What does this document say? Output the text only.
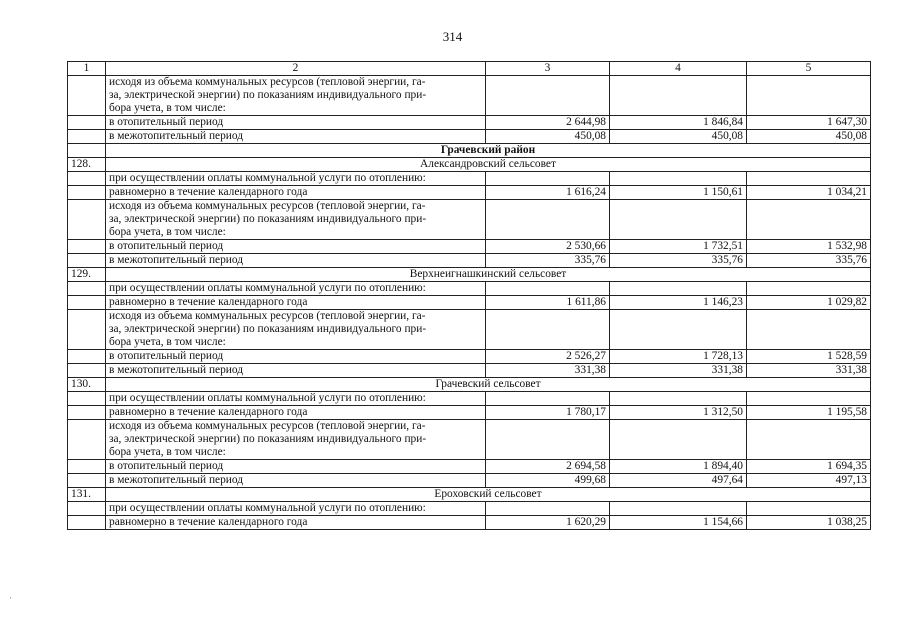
314
1	2	3	4	5
	исходя из объема коммунальных ресурсов (тепловой энергии, га-
за, электрической энергии) по показаниям индивидуального при-
бора учета, в том числе:			
	в отопительный период	2 644,98	1 846,84	1 647,30
	в межотопительный период	450,08	450,08	450,08
	Грачевский район			
128.	Александровский сельсовет			
	при осуществлении оплаты коммунальной услуги по отоплению:			
	равномерно в течение календарного года	1 616,24	1 150,61	1 034,21
	исходя из объема коммунальных ресурсов (тепловой энергии, га-
за, электрической энергии) по показаниям индивидуального при-
бора учета, в том числе:			
	в отопительный период	2 530,66	1 732,51	1 532,98
	в межотопительный период	335,76	335,76	335,76
129.	Верхнеигнашкинский сельсовет			
	при осуществлении оплаты коммунальной услуги по отоплению:			
	равномерно в течение календарного года	1 611,86	1 146,23	1 029,82
	исходя из объема коммунальных ресурсов (тепловой энергии, га-
за, электрической энергии) по показаниям индивидуального при-
бора учета, в том числе:			
	в отопительный период	2 526,27	1 728,13	1 528,59
	в межотопительный период	331,38	331,38	331,38
130.	Грачевский сельсовет			
	при осуществлении оплаты коммунальной услуги по отоплению:			
	равномерно в течение календарного года	1 780,17	1 312,50	1 195,58
	исходя из объема коммунальных ресурсов (тепловой энергии, га-
за, электрической энергии) по показаниям индивидуального при-
бора учета, в том числе:			
	в отопительный период	2 694,58	1 894,40	1 694,35
	в межотопительный период	499,68	497,64	497,13
131.	Ероховский сельсовет			
	при осуществлении оплаты коммунальной услуги по отоплению:			
	равномерно в течение календарного года	1 620,29	1 154,66	1 038,25
·
